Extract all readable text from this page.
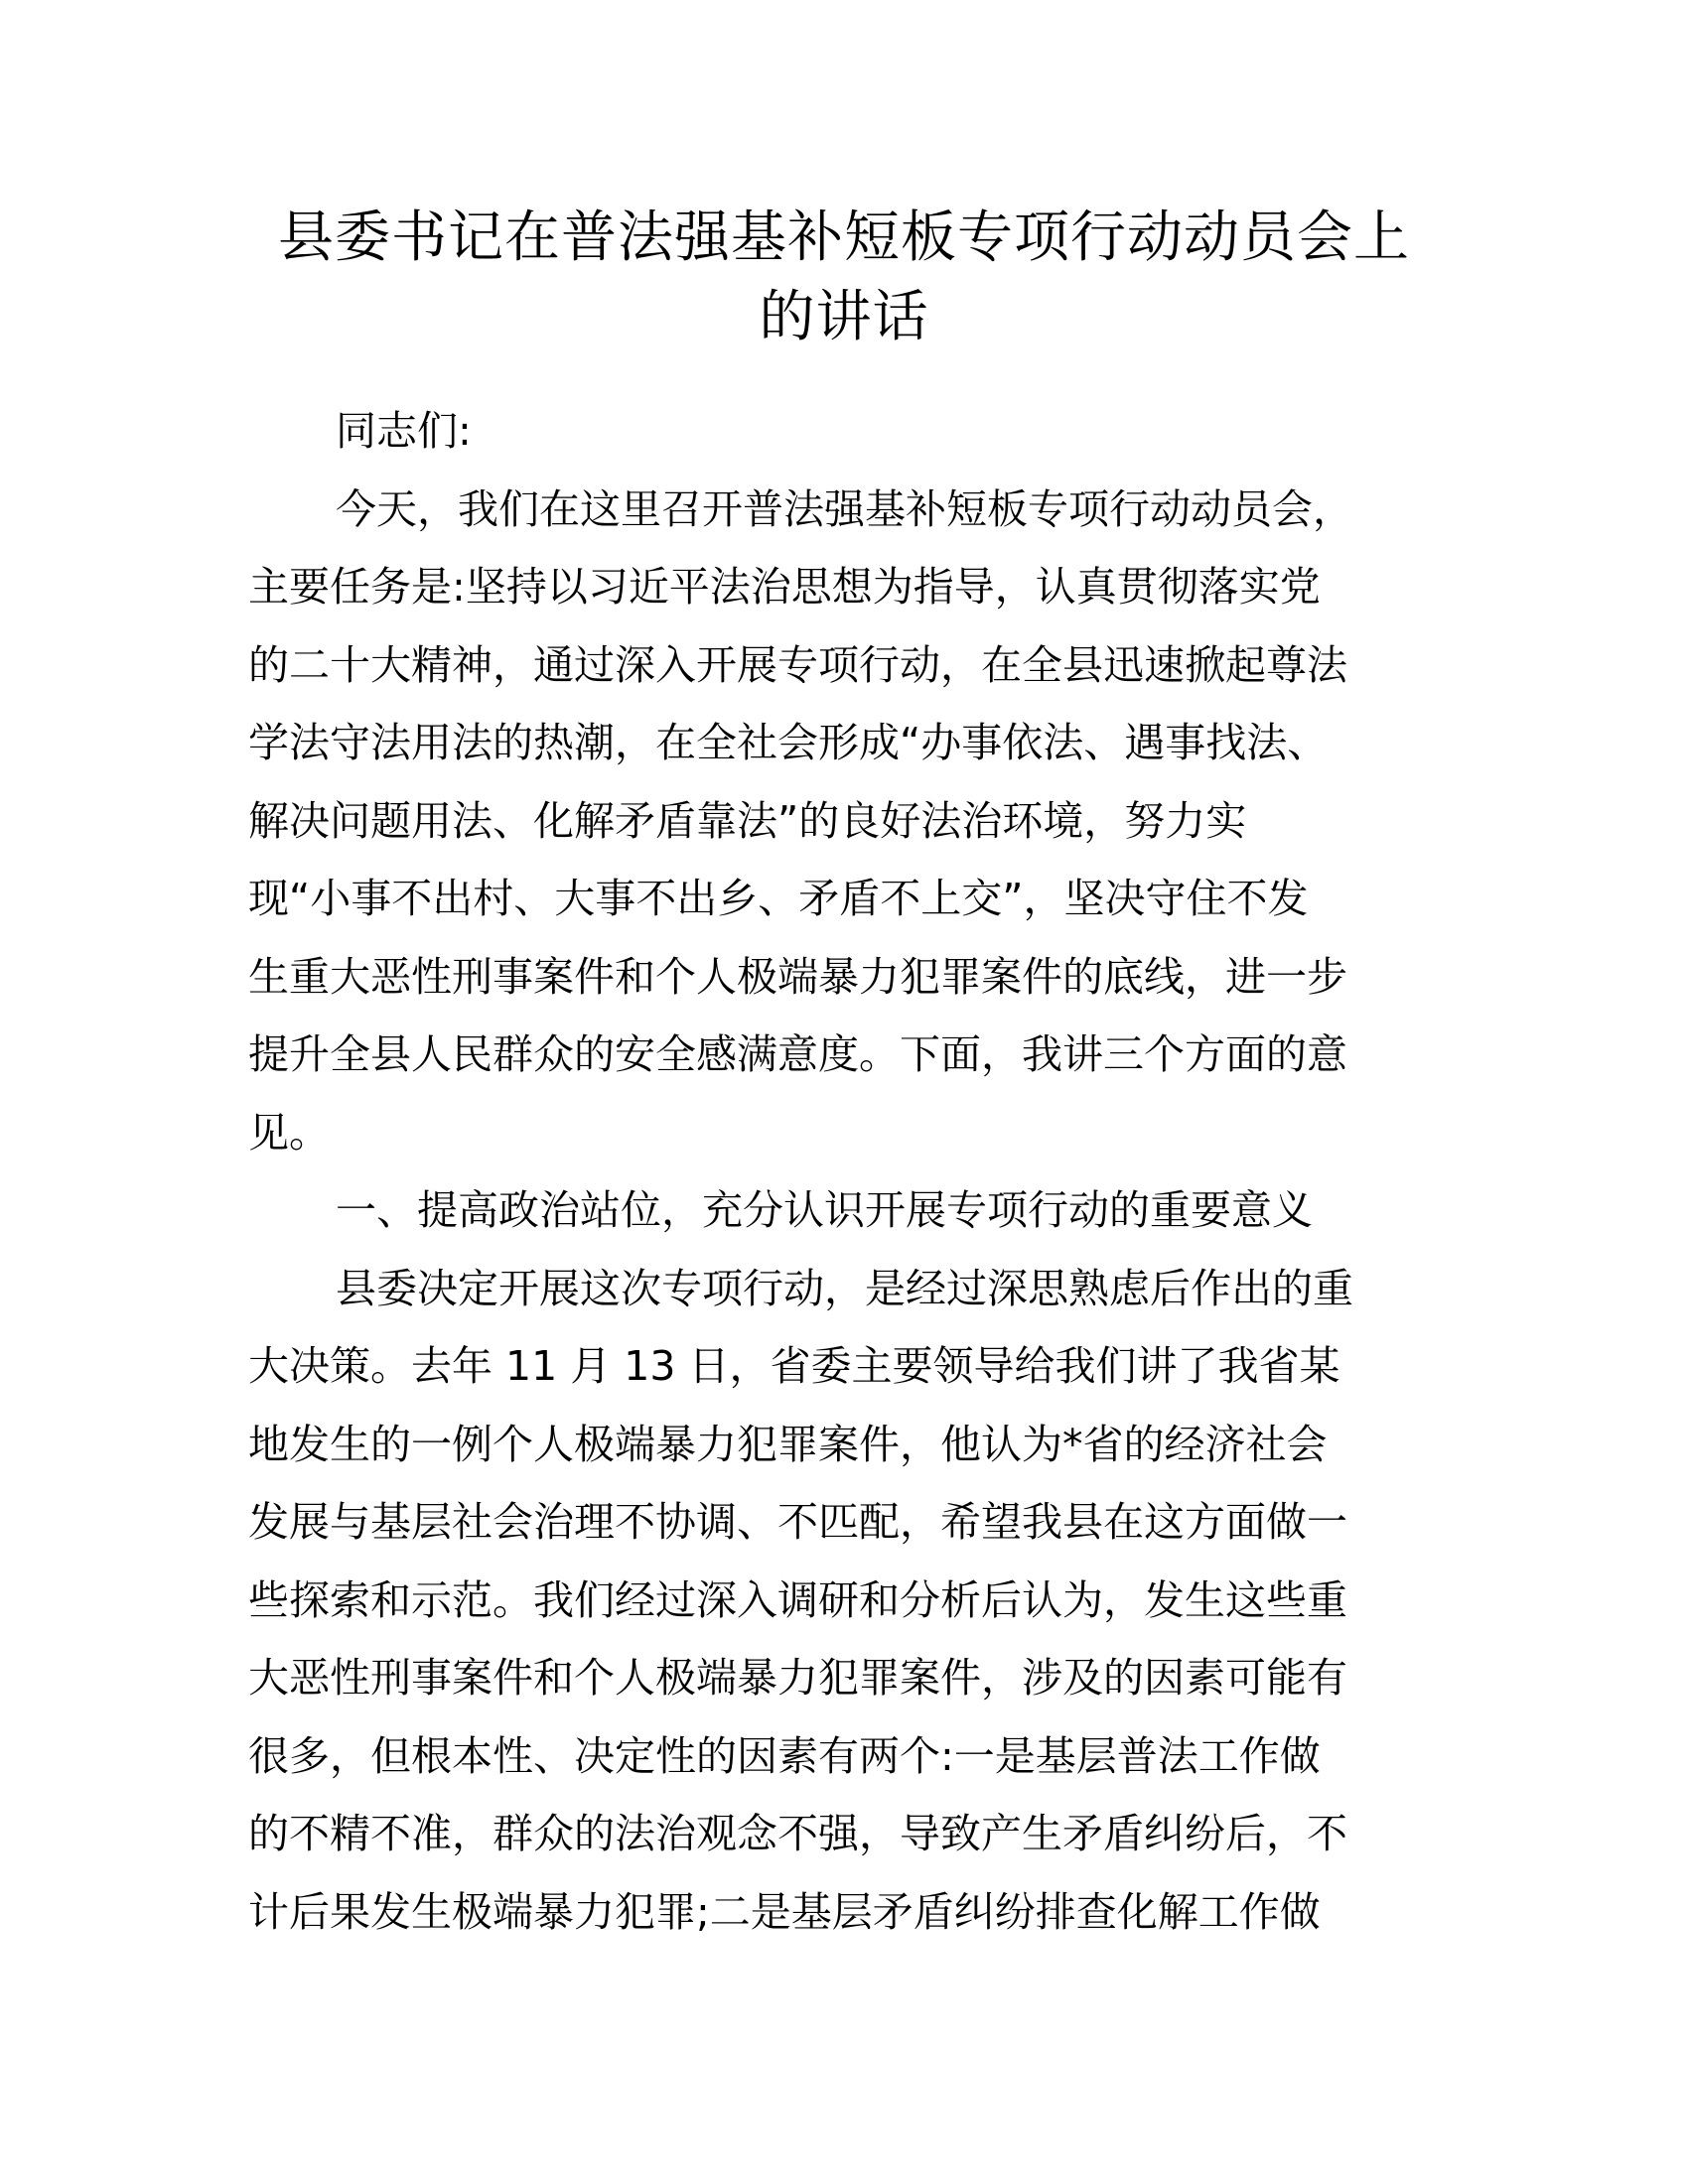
县委书记在普法强基补短板专项行动动员会上
的讲话
同志们:
今天，我们在这里召开普法强基补短板专项行动动员会，
主要任务是:坚持以习近平法治思想为指导，认真贯彻落实党
的二十大精神，通过深入开展专项行动，在全县迅速掀起尊法
学法守法用法的热潮，在全社会形成“办事依法、遇事找法、
解决问题用法、化解矛盾靠法”的良好法治环境，努力实
现“小事不出村、大事不出乡、矛盾不上交”，坚决守住不发
生重大恶性刑事案件和个人极端暴力犯罪案件的底线，进一步
提升全县人民群众的安全感满意度。下面，我讲三个方面的意
见。
一、提高政治站位，充分认识开展专项行动的重要意义
县委决定开展这次专项行动，是经过深思熟虑后作出的重
大决策。去年 11 月 13 日，省委主要领导给我们讲了我省某
地发生的一例个人极端暴力犯罪案件，他认为*省的经济社会
发展与基层社会治理不协调、不匹配，希望我县在这方面做一
些探索和示范。我们经过深入调研和分析后认为，发生这些重
大恶性刑事案件和个人极端暴力犯罪案件，涉及的因素可能有
很多，但根本性、决定性的因素有两个:一是基层普法工作做
的不精不准，群众的法治观念不强，导致产生矛盾纠纷后，不
计后果发生极端暴力犯罪;二是基层矛盾纠纷排查化解工作做
